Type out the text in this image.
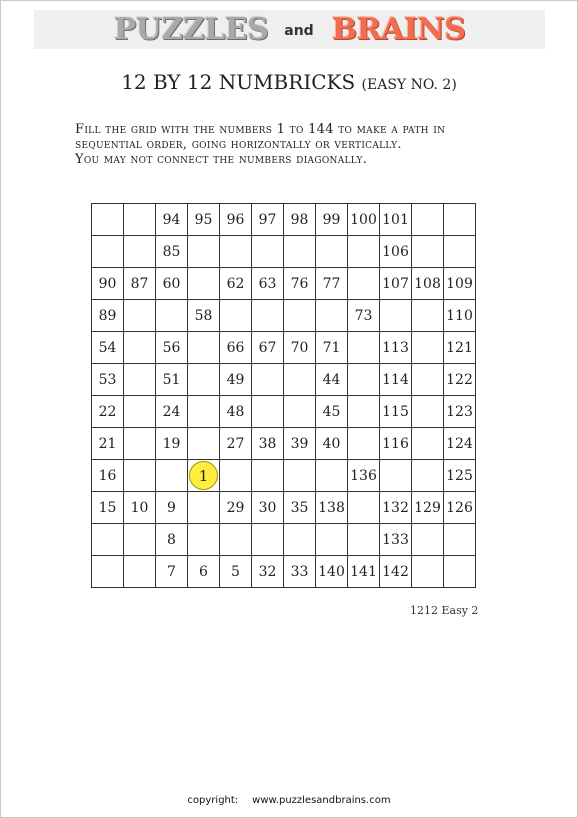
PUZZLES and BRAINS
12 BY 12 NUMBRICKS (EASY NO. 2)
Fill the grid with the numbers 1 to 144 to make a path in
sequential order, going horizontally or vertically.
You may not connect the numbers diagonally.
		94	95	96	97	98	99	100	101		
		85							106		
90	87	60		62	63	76	77		107	108	109
89			58					73			110
54		56		66	67	70	71		113		121
53		51		49			44		114		122
22		24		48			45		115		123
21		19		27	38	39	40		116		124
16			1					136			125
15	10	9		29	30	35	138		132	129	126
		8							133		
		7	6	5	32	33	140	141	142		
1212 Easy 2
copyright: www.puzzlesandbrains.com
